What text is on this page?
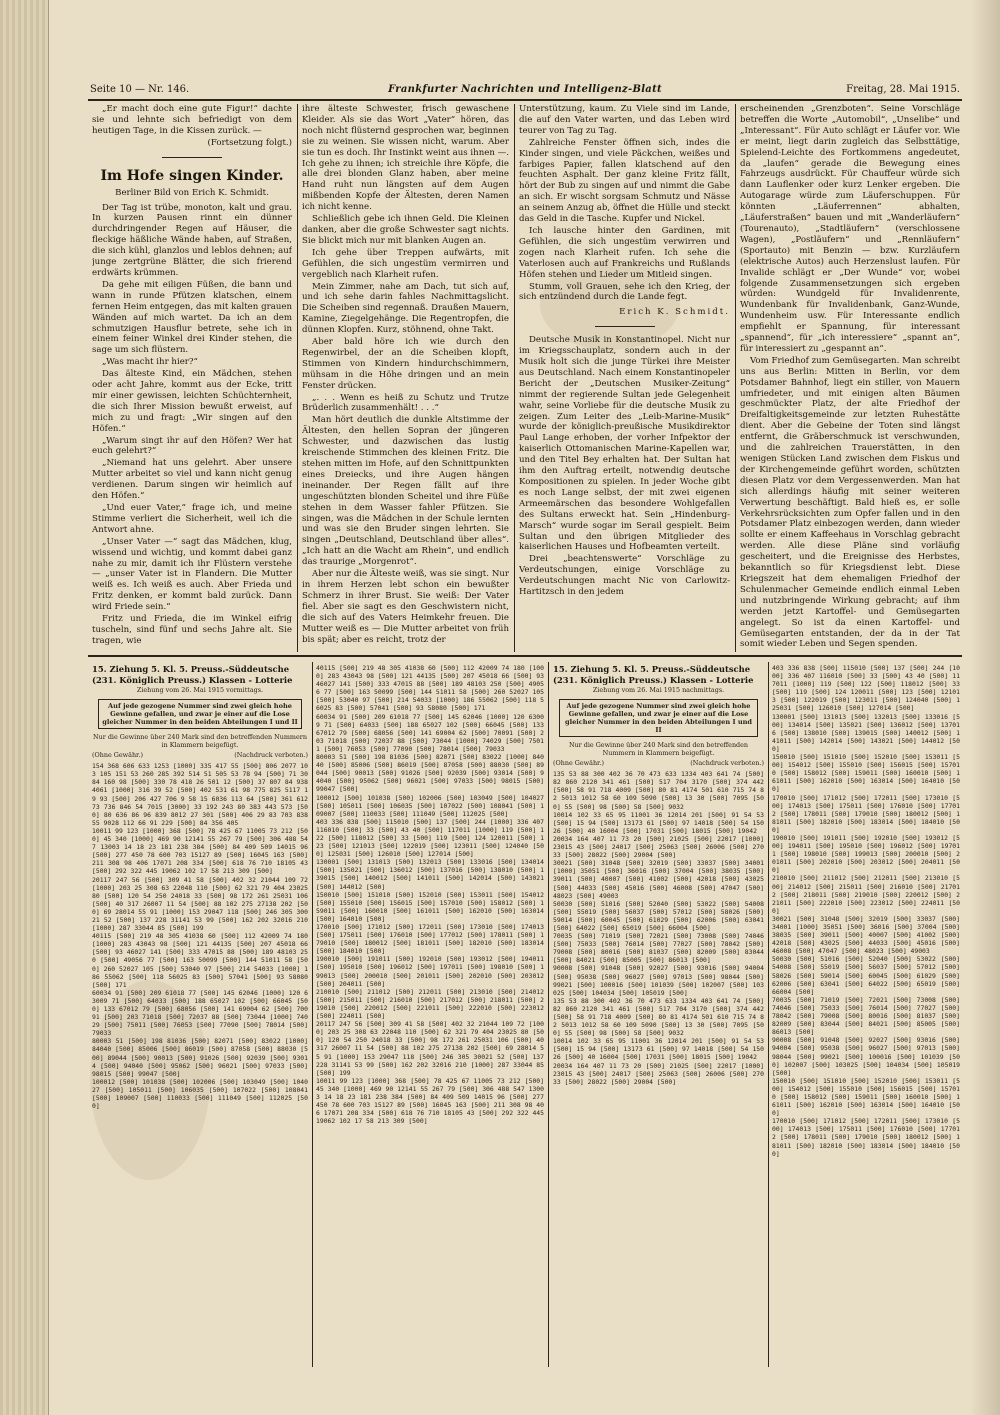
Seite 10 — Nr. 146.	Frankfurter Nachrichten und Intelligenz-Blatt	Freitag, 28. Mai 1915.

„Er macht doch eine gute Figur!“ dachte sie und lehnte sich befriedigt von dem heutigen Tage, in die Kissen zurück. —

(Fortsetzung folgt.)

Im Hofe singen Kinder.

Berliner Bild von Erich K. Schmidt.

Der Tag ist trübe, monoton, kalt und grau. In kurzen Pausen rinnt ein dünner durchdringender Regen auf Häuser, die fleckige häßliche Wände haben, auf Straßen, die sich kühl, glanzlos und leblos dehnen; auf junge zertgrüne Blätter, die sich frierend erdwärts krümmen.

Da gehe mit eiligen Füßen, die bann und wann in runde Pfützen klatschen, einem fernen Heim entgegen, das mit kalten grauen Wänden auf mich wartet. Da ich an dem schmutzigen Hausflur betrete, sehe ich in einem feiner Winkel drei Kinder stehen, die sage um sich flüstern.

„Was macht ihr hier?“

Das älteste Kind, ein Mädchen, stehen oder acht Jahre, kommt aus der Ecke, tritt mir einer gewissen, leichten Schüchternheit, die sich Ihrer Mission bewußt erweist, auf mich zu und fragt: „Wir singen auf den Höfen.“

„Warum singt ihr auf den Höfen? Wer hat euch gelehrt?“

„Niemand hat uns gelehrt. Aber unsere Mutter arbeitet so viel und kann nicht genug verdienen. Darum singen wir heimlich auf den Höfen.“

„Und euer Vater,“ frage ich, und meine Stimme verliert die Sicherheit, weil ich die Antwort ahne.

„Unser Vater —“ sagt das Mädchen, klug, wissend und wichtig, und kommt dabei ganz nahe zu mir, damit ich ihr Flüstern verstehe — „unser Vater ist in Flandern. Die Mutter weiß es. Ich weiß es auch. Aber Frieda und Fritz denken, er kommt bald zurück. Dann wird Friede sein.“

Fritz und Frieda, die im Winkel eifrig tuscheln, sind fünf und sechs Jahre alt. Sie tragen, wie

ihre älteste Schwester, frisch gewaschene Kleider. Als sie das Wort „Vater“ hören, das noch nicht flüsternd gesprochen war, beginnen sie zu weinen. Sie wissen nicht, warum. Aber sie tun es doch. Ihr Instinkt weint aus ihnen —. Ich gehe zu ihnen; ich streichle ihre Köpfe, die alle drei blonden Glanz haben, aber meine Hand ruht nun längsten auf dem Augen mißbenden Kopfe der Ältesten, deren Namen ich nicht kenne.

Schließlich gebe ich ihnen Geld. Die Kleinen danken, aber die große Schwester sagt nichts. Sie blickt mich nur mit blanken Augen an.

Ich gehe über Treppen aufwärts, mit Gefühlen, die sich ungestüm vermirren und vergeblich nach Klarheit rufen.

Mein Zimmer, nahe am Dach, tut sich auf, und ich sehe darin fahles Nachmittagslicht. Die Scheiben sind regennaß. Draußen Mauern, Kamine, Ziegelgehänge. Die Regentropfen, die dünnen Klopfen. Kurz, stöhnend, ohne Takt.

Aber bald höre ich wie durch den Regenwirbel, der an die Scheiben klopft, Stimmen von Kindern hindurchschimmern, mühsam in die Höhe dringen und an mein Fenster drücken.

„. . . Wenn es heiß zu Schutz und Trutze Brüderlich zusammenhält! . . .“

Man hört deutlich die dunkle Altstimme der Ältesten, den hellen Sopran der jüngeren Schwester, und dazwischen das lustig kreischende Stimmchen des kleinen Fritz. Die stehen mitten im Hofe, auf den Schnittpunkten eines Dreiecks, und ihre Augen hängen ineinander. Der Regen fällt auf ihre ungeschützten blonden Scheitel und ihre Füße stehen in dem Wasser fahler Pfützen. Sie singen, was die Mädchen in der Schule lernten und was sie den Bruder singen lehrten. Sie singen „Deutschland, Deutschland über alles“. „Ich hatt an die Wacht am Rhein“, und endlich das traurige „Morgenrot“.

Aber nur die Älteste weiß, was sie singt. Nur in ihrem Herzen lebt schon ein bewußter Schmerz in ihrer Brust. Sie weiß: Der Vater fiel. Aber sie sagt es den Geschwistern nicht, die sich auf des Vaters Heimkehr freuen. Die Mutter weiß es — Die Mutter arbeitet von früh bis spät; aber es reicht, trotz der

Unterstützung, kaum. Zu Viele sind im Lande, die auf den Vater warten, und das Leben wird teurer von Tag zu Tag.

Zahlreiche Fenster öffnen sich, indes die Kinder singen, und viele Päckchen, weißes und farbiges Papier, fallen klatschend auf den feuchten Asphalt. Der ganz kleine Fritz fällt, hört der Bub zu singen auf und nimmt die Gabe an sich. Er wischt sorgsam Schmutz und Nässe an seinem Anzug ab, öffnet die Hülle und steckt das Geld in die Tasche. Kupfer und Nickel.

Ich lausche hinter den Gardinen, mit Gefühlen, die sich ungestüm verwirren und zogen nach Klarheit rufen. Ich sehe die Vaterlosen auch auf Frankreichs und Rußlands Höfen stehen und Lieder um Mitleid singen.

Stumm, voll Grauen, sehe ich den Krieg, der sich entzündend durch die Lande fegt.

Erich K. Schmidt.

Deutsche Musik in Konstantinopel. Nicht nur im Kriegsschauplatz, sondern auch in der Musik holt sich die junge Türkei ihre Meister aus Deutschland. Nach einem Konstantinopeler Bericht der „Deutschen Musiker-Zeitung“ nimmt der regierende Sultan jede Gelegenheit wahr, seine Vorliebe für die deutsche Musik zu zeigen. Zum Leiter des „Leib-Marine-Musik“ wurde der königlich-preußische Musikdirektor Paul Lange erhoben, der vorher Infpektor der kaiserlich Ottomanischen Marine-Kapellen war, und den Titel Bey erhalten hat. Der Sultan hat ihm den Auftrag erteilt, notwendig deutsche Kompositionen zu spielen. In jeder Woche gibt es noch Lange selbst, der mit zwei eigenen Armeemärschen das besondere Wohlgefallen des Sultans erweckt hat. Sein „Hindenburg-Marsch“ wurde sogar im Serail gespielt. Beim Sultan und den übrigen Mitglieder des kaiserlichen Hauses und Hofbeamten verteilt.

Drei „beachtenswerte“ Vorschläge zu Verdeutschungen, einige Vorschläge zu Verdeutschungen macht Nic von Carlowitz-Hartitzsch in den jedem

erscheinenden „Grenzboten“. Seine Vorschläge betreffen die Worte „Automobil“, „Unselibe“ und „Interessant“. Für Auto schlägt er Läufer vor. Wie er meint, liegt darin zugleich das Selbsttätige, Spielend-Leichte des Fortkommens angedeutet, da „laufen“ gerade die Bewegung eines Fahrzeugs ausdrückt. Für Chauffeur würde sich dann Lauflenker oder kurz Lenker ergeben. Die Autogarage würde zum Läuferschuppen. Für könnten „Läuferrennen“ abhalten, „Läuferstraßen“ bauen und mit „Wanderläufern“ (Tourenauto), „Stadtläufern“ (verschlossene Wagen), „Postläufern“ und „Rennläufern“ (Sportauto) mit Benzin — bzw. Kurzläufern (elektrische Autos) auch Herzenslust laufen. Für Invalide schlägt er „Der Wunde“ vor, wobei folgende Zusammensetzungen sich ergeben würden: Wundgeld für Invalidenrente, Wundenbank für Invalidenbank, Ganz-Wunde, Wundenheim usw. Für Interessante endlich empfiehlt er Spannung, für interessant „spannend“, für „ich interessiere“ „spannt an“, für interessiert zu „gespannt an“.

Vom Friedhof zum Gemüsegarten. Man schreibt uns aus Berlin: Mitten in Berlin, vor dem Potsdamer Bahnhof, liegt ein stiller, von Mauern umfriedeter, und mit einigen alten Bäumen geschmückter Platz, der alte Friedhof der Dreifaltigkeitsgemeinde zur letzten Ruhestätte dient. Aber die Gebeine der Toten sind längst entfernt, die Gräberschmuck ist verschwunden, und die zahlreichen Trauerstätten, in den wenigen Stücken Land zwischen dem Fiskus und der Kirchengemeinde geführt worden, schützten diesen Platz vor dem Vergessenwerden. Man hat sich allerdings häufig mit seiner weiteren Verwertung beschäftigt. Bald hieß es, er solle Verkehrsrücksichten zum Opfer fallen und in den Potsdamer Platz einbezogen werden, dann wieder sollte er einem Kaffeehaus in Vorschlag gebracht werden. Alle diese Pläne sind vorläufig gescheitert, und die Ereignisse des Herbstes, bekanntlich so für Kriegsdienst lebt. Diese Kriegszeit hat dem ehemaligen Friedhof der Schulenmacher Gemeinde endlich einmal Leben und nutzbringende Wirkung gebracht; auf ihm werden jetzt Kartoffel- und Gemüsegarten angelegt. So ist da einen Kartoffel- und Gemüsegarten entstanden, der da in der Tat somit wieder Leben und Segen spenden.

15. Ziehung 5. Kl. 5. Preuss.-Süddeutsche
(231. Königlich Preuss.) Klassen - Lotterie
Ziehung vom 26. Mai 1915 vormittags.
Auf jede gezogene Nummer sind zwei gleich hohe Gewinne gefallen, und zwar je einer auf die Lose gleicher Nummer in den beiden Abteilungen I und II
Nur die Gewinne über 240 Mark sind den betreffenden Nummern in Klammern beigefügt.
(Ohne Gewähr.)	(Nachdruck verboten.)

154 368 606 633 1253 [1000] 335 417 55 [500] 806 2077 103 105 151 53 260 285 392 514 51 505 53 78 94 [500] 71 3084 160 98 [500] 330 78 418 26 501 12 [500] 37 807 84 938 4061 [1000] 316 39 52 [500] 402 531 61 98 775 825 5117 19 93 [500] 206 427 706 9 58 15 6036 113 64 [500] 361 612 73 736 846 54 7015 [3000] 33 192 243 80 383 443 573 [500] 80 636 86 96 839 8012 27 301 [500] 406 29 83 703 838 55 9028 112 66 91 229 [500] 84 356 405

10011 99 123 [1000] 368 [500] 78 425 67 11005 73 212 [500] 45 340 [1000] 469 90 12141 55 267 79 [500] 306 488 547 13003 14 18 23 181 238 384 [500] 84 409 509 14015 96 [500] 277 450 78 600 703 15127 89 [500] 16045 163 [500] 211 308 98 406 17071 208 334 [500] 618 76 710 18105 43 [500] 292 322 445 19062 102 17 58 213 309 [500]

20117 247 56 [500] 309 41 58 [500] 402 32 21044 109 72 [1000] 203 25 308 63 22048 110 [500] 62 321 79 404 23025 80 [500] 120 54 250 24018 33 [500] 98 172 261 25031 106 [500] 40 317 26007 11 54 [500] 88 102 275 27138 202 [500] 69 28014 55 91 [1000] 153 29047 118 [500] 246 305 30021 52 [500] 137 228 31141 53 99 [500] 162 202 32016 210 [1000] 287 33044 85 [500] 199

40115 [500] 219 48 305 41038 60 [500] 112 42009 74 180 [1000] 283 43043 98 [500] 121 44135 [500] 207 45018 66 [500] 93 46027 141 [500] 333 47015 88 [500] 189 48103 250 [500] 49056 77 [500] 163 50099 [500] 144 51011 58 [500] 260 52027 105 [500] 53040 97 [500] 214 54033 [1000] 186 55062 [500] 118 56025 83 [500] 57041 [500] 93 58080 [500] 171

60034 91 [500] 209 61018 77 [500] 145 62046 [1000] 120 63009 71 [500] 64033 [500] 188 65027 102 [500] 66045 [500] 133 67012 79 [500] 68056 [500] 141 69004 62 [500] 70091 [500] 203 71018 [500] 72037 88 [500] 73044 [1000] 74029 [500] 75011 [500] 76053 [500] 77090 [500] 78014 [500] 79033

80003 51 [500] 198 81036 [500] 82071 [500] 83022 [1000] 84040 [500] 85006 [500] 86019 [500] 87058 [500] 88030 [500] 89044 [500] 90013 [500] 91026 [500] 92039 [500] 93014 [500] 94040 [500] 95062 [500] 96021 [500] 97033 [500] 98015 [500] 99047 [500]

100012 [500] 101038 [500] 102006 [500] 103049 [500] 104027 [500] 105011 [500] 106035 [500] 107022 [500] 108041 [500] 109007 [500] 110033 [500] 111049 [500] 112025 [500]

40115 [500] 219 48 305 41038 60 [500] 112 42009 74 180 [1000] 283 43043 98 [500] 121 44135 [500] 207 45018 66 [500] 93 46027 141 [500] 333 47015 88 [500] 189 48103 250 [500] 49056 77 [500] 163 50099 [500] 144 51011 58 [500] 260 52027 105 [500] 53040 97 [500] 214 54033 [1000] 186 55062 [500] 118 56025 83 [500] 57041 [500] 93 58080 [500] 171

60034 91 [500] 209 61018 77 [500] 145 62046 [1000] 120 63009 71 [500] 64033 [500] 188 65027 102 [500] 66045 [500] 133 67012 79 [500] 68056 [500] 141 69004 62 [500] 70091 [500] 203 71018 [500] 72037 88 [500] 73044 [1000] 74029 [500] 75011 [500] 76053 [500] 77090 [500] 78014 [500] 79033

80003 51 [500] 198 81036 [500] 82071 [500] 83022 [1000] 84040 [500] 85006 [500] 86019 [500] 87058 [500] 88030 [500] 89044 [500] 90013 [500] 91026 [500] 92039 [500] 93014 [500] 94040 [500] 95062 [500] 96021 [500] 97033 [500] 98015 [500] 99047 [500]

100012 [500] 101038 [500] 102006 [500] 103049 [500] 104027 [500] 105011 [500] 106035 [500] 107022 [500] 108041 [500] 109007 [500] 110033 [500] 111049 [500] 112025 [500]

403 336 838 [500] 115010 [500] 137 [500] 244 [1000] 336 407 116010 [500] 33 [500] 43 40 [500] 117011 [1000] 119 [500] 122 [500] 118012 [500] 33 [500] 119 [500] 124 120011 [500] 123 [500] 121013 [500] 122019 [500] 123011 [500] 124040 [500] 125031 [500] 126010 [500] 127014 [500]

130001 [500] 131013 [500] 132013 [500] 133016 [500] 134014 [500] 135021 [500] 136012 [500] 137016 [500] 138010 [500] 139015 [500] 140012 [500] 141011 [500] 142014 [500] 143021 [500] 144012 [500]

150010 [500] 151010 [500] 152010 [500] 153011 [500] 154012 [500] 155010 [500] 156015 [500] 157010 [500] 158012 [500] 159011 [500] 160010 [500] 161011 [500] 162010 [500] 163014 [500] 164010 [500]

170010 [500] 171012 [500] 172011 [500] 173010 [500] 174013 [500] 175011 [500] 176010 [500] 177012 [500] 178011 [500] 179010 [500] 180012 [500] 181011 [500] 182010 [500] 183014 [500] 184010 [500]

190010 [500] 191011 [500] 192010 [500] 193012 [500] 194011 [500] 195010 [500] 196012 [500] 197011 [500] 198010 [500] 199013 [500] 200010 [500] 201011 [500] 202010 [500] 203012 [500] 204011 [500]

210010 [500] 211012 [500] 212011 [500] 213010 [500] 214012 [500] 215011 [500] 216010 [500] 217012 [500] 218011 [500] 219010 [500] 220012 [500] 221011 [500] 222010 [500] 223012 [500] 224011 [500]

20117 247 56 [500] 309 41 58 [500] 402 32 21044 109 72 [1000] 203 25 308 63 22048 110 [500] 62 321 79 404 23025 80 [500] 120 54 250 24018 33 [500] 98 172 261 25031 106 [500] 40 317 26007 11 54 [500] 88 102 275 27138 202 [500] 69 28014 55 91 [1000] 153 29047 118 [500] 246 305 30021 52 [500] 137 228 31141 53 99 [500] 162 202 32016 210 [1000] 287 33044 85 [500] 199

10011 99 123 [1000] 368 [500] 78 425 67 11005 73 212 [500] 45 340 [1000] 469 90 12141 55 267 79 [500] 306 488 547 13003 14 18 23 181 238 384 [500] 84 409 509 14015 96 [500] 277 450 78 600 703 15127 89 [500] 16045 163 [500] 211 308 98 406 17071 208 334 [500] 618 76 710 18105 43 [500] 292 322 445 19062 102 17 58 213 309 [500]

15. Ziehung 5. Kl. 5. Preuss.-Süddeutsche
(231. Königlich Preuss.) Klassen - Lotterie
Ziehung vom 26. Mai 1915 nachmittags.
Auf jede gezogene Nummer sind zwei gleich hohe Gewinne gefallen, und zwar je einer auf die Lose gleicher Nummer in den beiden Abteilungen I und II
Nur die Gewinne über 240 Mark sind den betreffenden Nummern in Klammern beigefügt.
(Ohne Gewähr.)	(Nachdruck verboten.)

135 53 88 300 402 36 70 473 633 1334 403 641 74 [500] 82 860 2120 341 461 [500] 517 704 3170 [500] 374 442 [500] 58 91 718 4009 [500] 80 81 4174 501 610 715 74 82 5013 1012 58 60 109 5090 [500] 13 30 [500] 7095 [500] 55 [500] 98 [500] 58 [500] 9032

10014 102 33 65 95 11001 36 12014 201 [500] 91 54 53 [500] 15 94 [500] 13173 61 [500] 97 14018 [500] 54 15026 [500] 40 16004 [500] 17031 [500] 18015 [500] 19042

20034 164 407 11 73 20 [500] 21025 [500] 22017 [1000] 23015 43 [500] 24017 [500] 25063 [500] 26006 [500] 27033 [500] 28022 [500] 29004 [500]

30021 [500] 31048 [500] 32019 [500] 33037 [500] 34001 [1000] 35051 [500] 36016 [500] 37004 [500] 38035 [500] 39011 [500] 40007 [500] 41002 [500] 42018 [500] 43025 [500] 44033 [500] 45016 [500] 46008 [500] 47047 [500] 48023 [500] 49003

50030 [500] 51016 [500] 52040 [500] 53022 [500] 54008 [500] 55019 [500] 56037 [500] 57012 [500] 58026 [500] 59014 [500] 60045 [500] 61029 [500] 62006 [500] 63041 [500] 64022 [500] 65019 [500] 66004 [500]

70035 [500] 71019 [500] 72021 [500] 73008 [500] 74046 [500] 75033 [500] 76014 [500] 77027 [500] 78042 [500] 79008 [500] 80016 [500] 81037 [500] 82009 [500] 83044 [500] 84021 [500] 85005 [500] 86013 [500]

90008 [500] 91048 [500] 92027 [500] 93016 [500] 94004 [500] 95038 [500] 96027 [500] 97013 [500] 98044 [500] 99021 [500] 100016 [500] 101039 [500] 102007 [500] 103025 [500] 104034 [500] 105019 [500]

135 53 88 300 402 36 70 473 633 1334 403 641 74 [500] 82 860 2120 341 461 [500] 517 704 3170 [500] 374 442 [500] 58 91 718 4009 [500] 80 81 4174 501 610 715 74 82 5013 1012 58 60 109 5090 [500] 13 30 [500] 7095 [500] 55 [500] 98 [500] 58 [500] 9032

10014 102 33 65 95 11001 36 12014 201 [500] 91 54 53 [500] 15 94 [500] 13173 61 [500] 97 14018 [500] 54 15026 [500] 40 16004 [500] 17031 [500] 18015 [500] 19042

20034 164 407 11 73 20 [500] 21025 [500] 22017 [1000] 23015 43 [500] 24017 [500] 25063 [500] 26006 [500] 27033 [500] 28022 [500] 29004 [500]

403 336 838 [500] 115010 [500] 137 [500] 244 [1000] 336 407 116010 [500] 33 [500] 43 40 [500] 117011 [1000] 119 [500] 122 [500] 118012 [500] 33 [500] 119 [500] 124 120011 [500] 123 [500] 121013 [500] 122019 [500] 123011 [500] 124040 [500] 125031 [500] 126010 [500] 127014 [500]

130001 [500] 131013 [500] 132013 [500] 133016 [500] 134014 [500] 135021 [500] 136012 [500] 137016 [500] 138010 [500] 139015 [500] 140012 [500] 141011 [500] 142014 [500] 143021 [500] 144012 [500]

150010 [500] 151010 [500] 152010 [500] 153011 [500] 154012 [500] 155010 [500] 156015 [500] 157010 [500] 158012 [500] 159011 [500] 160010 [500] 161011 [500] 162010 [500] 163014 [500] 164010 [500]

170010 [500] 171012 [500] 172011 [500] 173010 [500] 174013 [500] 175011 [500] 176010 [500] 177012 [500] 178011 [500] 179010 [500] 180012 [500] 181011 [500] 182010 [500] 183014 [500] 184010 [500]

190010 [500] 191011 [500] 192010 [500] 193012 [500] 194011 [500] 195010 [500] 196012 [500] 197011 [500] 198010 [500] 199013 [500] 200010 [500] 201011 [500] 202010 [500] 203012 [500] 204011 [500]

210010 [500] 211012 [500] 212011 [500] 213010 [500] 214012 [500] 215011 [500] 216010 [500] 217012 [500] 218011 [500] 219010 [500] 220012 [500] 221011 [500] 222010 [500] 223012 [500] 224011 [500]

30021 [500] 31048 [500] 32019 [500] 33037 [500] 34001 [1000] 35051 [500] 36016 [500] 37004 [500] 38035 [500] 39011 [500] 40007 [500] 41002 [500] 42018 [500] 43025 [500] 44033 [500] 45016 [500] 46008 [500] 47047 [500] 48023 [500] 49003

50030 [500] 51016 [500] 52040 [500] 53022 [500] 54008 [500] 55019 [500] 56037 [500] 57012 [500] 58026 [500] 59014 [500] 60045 [500] 61029 [500] 62006 [500] 63041 [500] 64022 [500] 65019 [500] 66004 [500]

70035 [500] 71019 [500] 72021 [500] 73008 [500] 74046 [500] 75033 [500] 76014 [500] 77027 [500] 78042 [500] 79008 [500] 80016 [500] 81037 [500] 82009 [500] 83044 [500] 84021 [500] 85005 [500] 86013 [500]

90008 [500] 91048 [500] 92027 [500] 93016 [500] 94004 [500] 95038 [500] 96027 [500] 97013 [500] 98044 [500] 99021 [500] 100016 [500] 101039 [500] 102007 [500] 103025 [500] 104034 [500] 105019 [500]

150010 [500] 151010 [500] 152010 [500] 153011 [500] 154012 [500] 155010 [500] 156015 [500] 157010 [500] 158012 [500] 159011 [500] 160010 [500] 161011 [500] 162010 [500] 163014 [500] 164010 [500]

170010 [500] 171012 [500] 172011 [500] 173010 [500] 174013 [500] 175011 [500] 176010 [500] 177012 [500] 178011 [500] 179010 [500] 180012 [500] 181011 [500] 182010 [500] 183014 [500] 184010 [500]
